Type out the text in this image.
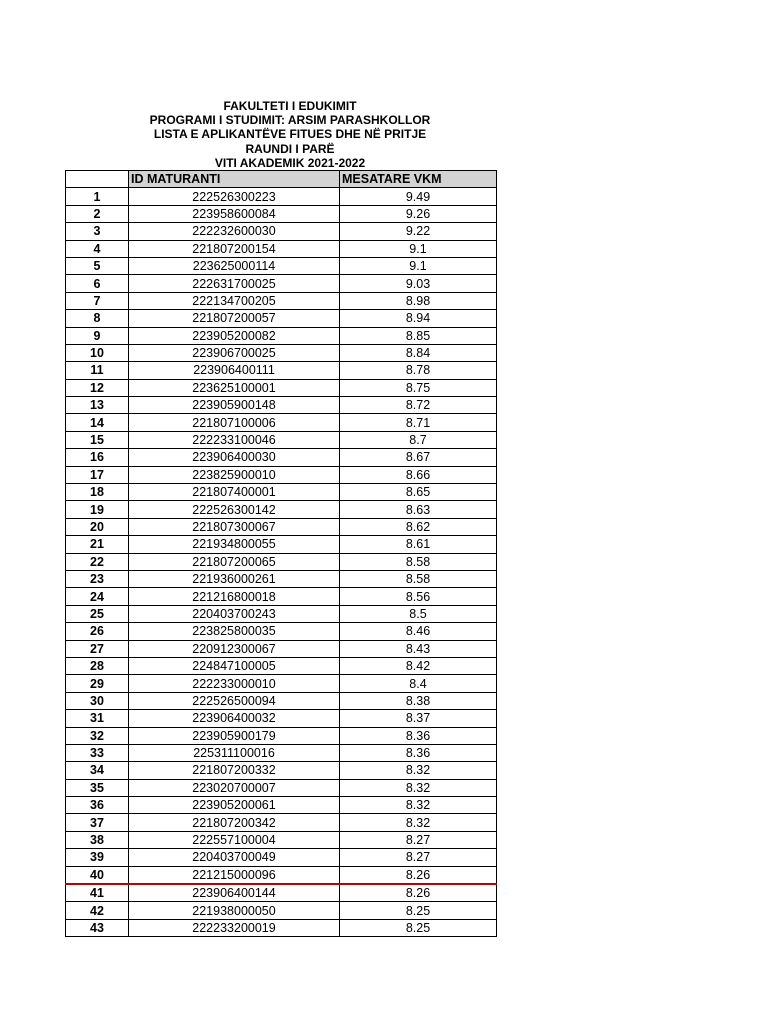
FAKULTETI I EDUKIMIT
PROGRAMI I STUDIMIT: ARSIM PARASHKOLLOR
LISTA E APLIKANTËVE FITUES DHE NË PRITJE
RAUNDI I PARË
VITI AKADEMIK 2021-2022
	ID MATURANTI	MESATARE VKM
1	222526300223	9.49
2	223958600084	9.26
3	222232600030	9.22
4	221807200154	9.1
5	223625000114	9.1
6	222631700025	9.03
7	222134700205	8.98
8	221807200057	8.94
9	223905200082	8.85
10	223906700025	8.84
11	223906400111	8.78
12	223625100001	8.75
13	223905900148	8.72
14	221807100006	8.71
15	222233100046	8.7
16	223906400030	8.67
17	223825900010	8.66
18	221807400001	8.65
19	222526300142	8.63
20	221807300067	8.62
21	221934800055	8.61
22	221807200065	8.58
23	221936000261	8.58
24	221216800018	8.56
25	220403700243	8.5
26	223825800035	8.46
27	220912300067	8.43
28	224847100005	8.42
29	222233000010	8.4
30	222526500094	8.38
31	223906400032	8.37
32	223905900179	8.36
33	225311100016	8.36
34	221807200332	8.32
35	223020700007	8.32
36	223905200061	8.32
37	221807200342	8.32
38	222557100004	8.27
39	220403700049	8.27
40	221215000096	8.26
41	223906400144	8.26
42	221938000050	8.25
43	222233200019	8.25
